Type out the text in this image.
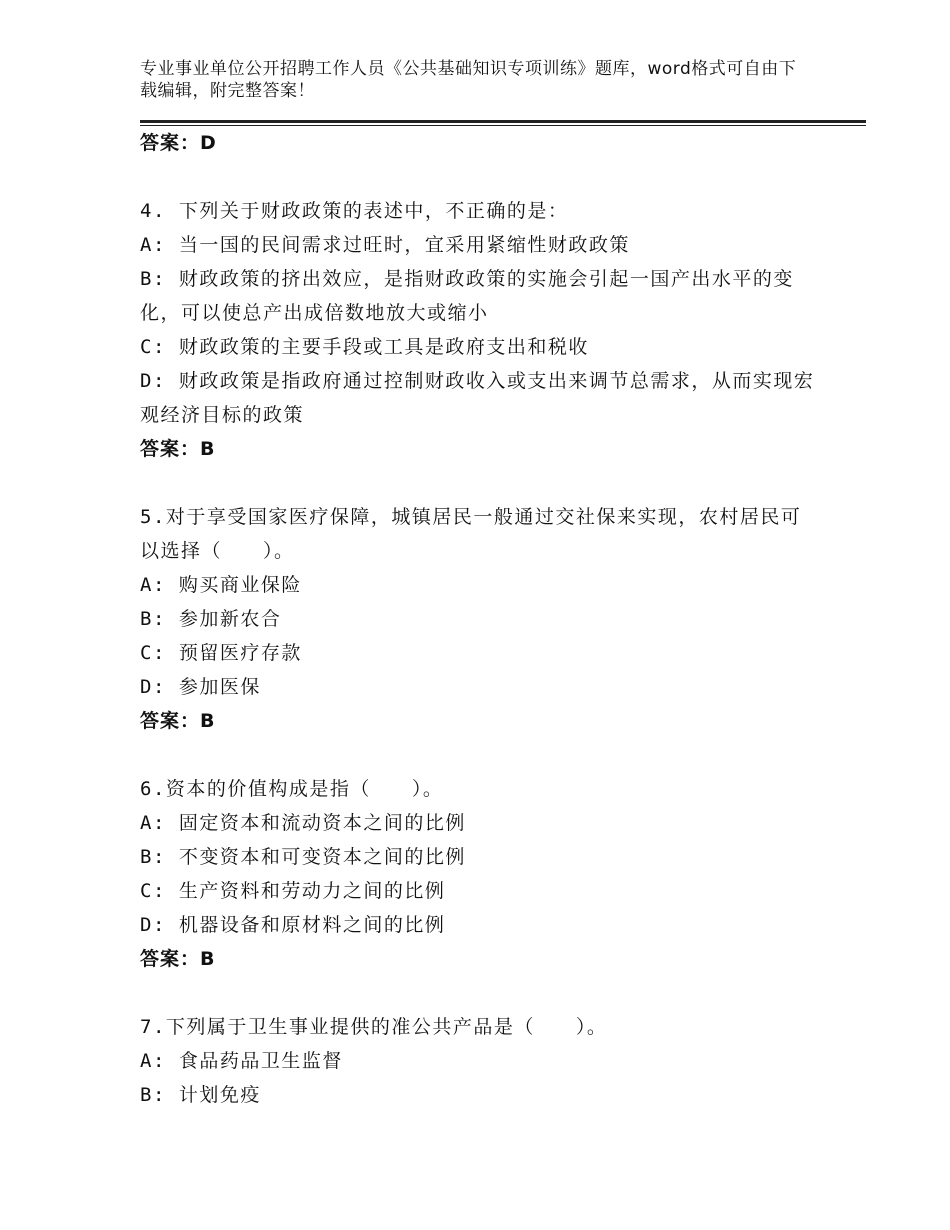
专业事业单位公开招聘工作人员《公共基础知识专项训练》题库，word格式可自由下载编辑，附完整答案！
答案：D
4. 下列关于财政政策的表述中，不正确的是：
A: 当一国的民间需求过旺时，宜采用紧缩性财政政策
B: 财政政策的挤出效应，是指财政政策的实施会引起一国产出水平的变化，可以使总产出成倍数地放大或缩小
C: 财政政策的主要手段或工具是政府支出和税收
D: 财政政策是指政府通过控制财政收入或支出来调节总需求，从而实现宏观经济目标的政策
答案：B
5.对于享受国家医疗保障，城镇居民一般通过交社保来实现，农村居民可以选择（　　）。
A: 购买商业保险
B: 参加新农合
C: 预留医疗存款
D: 参加医保
答案：B
6.资本的价值构成是指（　　）。
A: 固定资本和流动资本之间的比例
B: 不变资本和可变资本之间的比例
C: 生产资料和劳动力之间的比例
D: 机器设备和原材料之间的比例
答案：B
7.下列属于卫生事业提供的准公共产品是（　　）。
A: 食品药品卫生监督
B: 计划免疫
